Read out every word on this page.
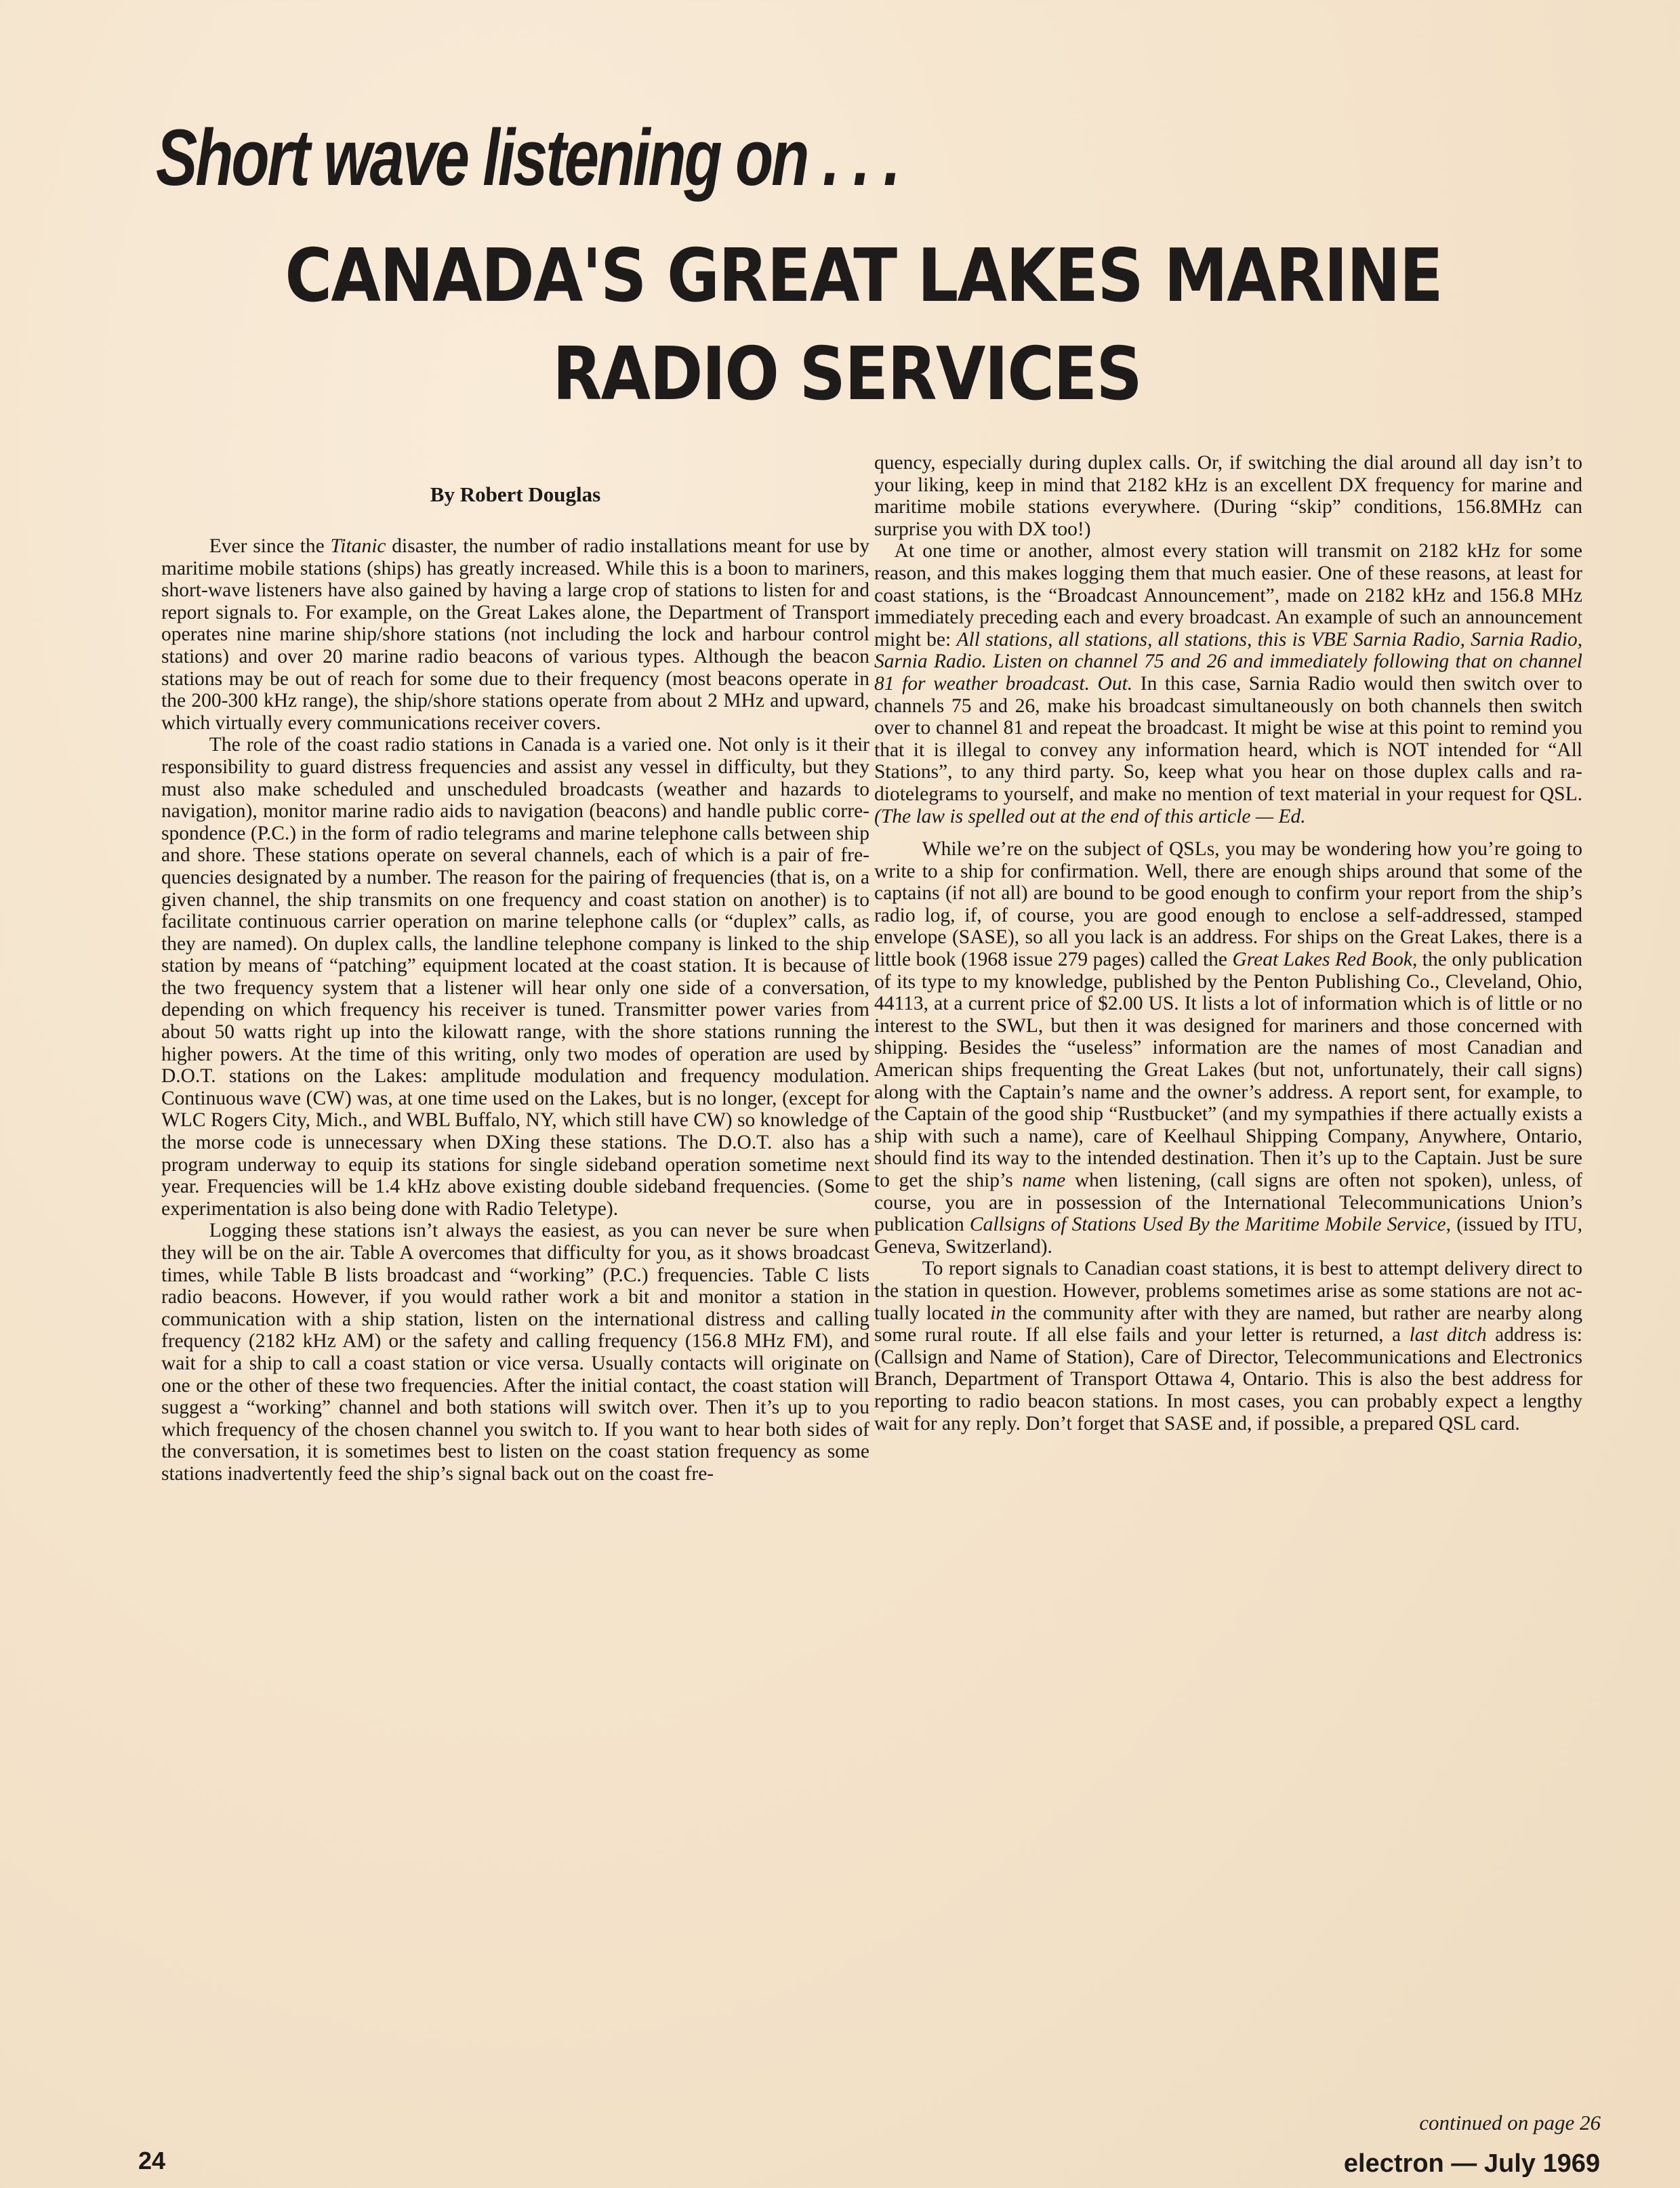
Short wave listening on . . .
CANADA'S GREAT LAKES MARINE
RADIO SERVICES
By Robert Douglas

Ever since the Titanic disaster, the number of radio installations meant for use by maritime mobile stations (ships) has greatly increased. While this is a boon to mariners, short-wave listeners have also gained by having a large crop of stations to listen for and report signals to. For example, on the Great Lakes alone, the Department of Transport operates nine marine ship/shore stations (not including the lock and harbour control stations) and over 20 marine radio beacons of various types. Although the beacon stations may be out of reach for some due to their frequency (most beacons operate in the 200-300 kHz range), the ship/shore stations operate from about 2 MHz and upward, which virtually every communications receiver covers.

The role of the coast radio stations in Canada is a varied one. Not only is it their responsibility to guard distress frequencies and assist any vessel in difficulty, but they must also make scheduled and unscheduled broadcasts (weather and hazards to navigation), monitor marine radio aids to navigation (beacons) and handle public correspondence (P.C.) in the form of radio telegrams and marine telephone calls between ship and shore. These stations operate on several channels, each of which is a pair of frequencies designated by a number. The reason for the pairing of frequencies (that is, on a given channel, the ship transmits on one frequency and coast station on another) is to facilitate continuous carrier operation on marine telephone calls (or “duplex” calls, as they are named). On duplex calls, the landline telephone company is linked to the ship station by means of “patching” equipment located at the coast station. It is because of the two frequency system that a listener will hear only one side of a conversation, depending on which frequency his receiver is tuned. Transmitter power varies from about 50 watts right up into the kilowatt range, with the shore stations running the higher powers. At the time of this writing, only two modes of operation are used by D.O.T. stations on the Lakes: amplitude modulation and frequency modulation. Continuous wave (CW) was, at one time used on the Lakes, but is no longer, (except for WLC Rogers City, Mich., and WBL Buffalo, NY, which still have CW) so knowledge of the morse code is unnecessary when DXing these stations. The D.O.T. also has a program underway to equip its stations for single sideband operation sometime next year. Frequencies will be 1.4 kHz above existing double sideband frequencies. (Some experimentation is also being done with Radio Teletype).

Logging these stations isn’t always the easiest, as you can never be sure when they will be on the air. Table A overcomes that difficulty for you, as it shows broadcast times, while Table B lists broadcast and “working” (P.C.) frequencies. Table C lists radio beacons. However, if you would rather work a bit and monitor a station in communication with a ship station, listen on the international distress and calling frequency (2182 kHz AM) or the safety and calling frequency (156.8 MHz FM), and wait for a ship to call a coast station or vice versa. Usually contacts will originate on one or the other of these two frequencies. After the initial contact, the coast station will suggest a “working” channel and both stations will switch over. Then it’s up to you which frequency of the chosen channel you switch to. If you want to hear both sides of the conversation, it is sometimes best to listen on the coast station frequency as some stations inadvertently feed the ship’s signal back out on the coast fre-

quency, especially during duplex calls. Or, if switching the dial around all day isn’t to your liking, keep in mind that 2182 kHz is an excellent DX frequency for marine and maritime mobile stations everywhere. (During “skip” conditions, 156.8MHz can surprise you with DX too!)

At one time or another, almost every station will transmit on 2182 kHz for some reason, and this makes logging them that much easier. One of these reasons, at least for coast stations, is the “Broadcast Announcement”, made on 2182 kHz and 156.8 MHz immediately preceding each and every broadcast. An example of such an announcement might be: All stations, all stations, all stations, this is VBE Sarnia Radio, Sarnia Radio, Sarnia Radio. Listen on channel 75 and 26 and immediately following that on channel 81 for weather broadcast. Out. In this case, Sarnia Radio would then switch over to channels 75 and 26, make his broadcast simultaneously on both channels then switch over to channel 81 and repeat the broadcast. It might be wise at this point to remind you that it is illegal to convey any information heard, which is NOT intended for “All Stations”, to any third party. So, keep what you hear on those duplex calls and radiotelegrams to yourself, and make no mention of text material in your request for QSL. (The law is spelled out at the end of this article — Ed.

While we’re on the subject of QSLs, you may be wondering how you’re going to write to a ship for confirmation. Well, there are enough ships around that some of the captains (if not all) are bound to be good enough to confirm your report from the ship’s radio log, if, of course, you are good enough to enclose a self-addressed, stamped envelope (SASE), so all you lack is an address. For ships on the Great Lakes, there is a little book (1968 issue 279 pages) called the Great Lakes Red Book, the only publication of its type to my knowledge, published by the Penton Publishing Co., Cleveland, Ohio, 44113, at a current price of $2.00 US. It lists a lot of information which is of little or no interest to the SWL, but then it was designed for mariners and those concerned with shipping. Besides the “useless” information are the names of most Canadian and American ships frequenting the Great Lakes (but not, unfortunately, their call signs) along with the Captain’s name and the owner’s address. A report sent, for example, to the Captain of the good ship “Rustbucket” (and my sympathies if there actually exists a ship with such a name), care of Keelhaul Shipping Company, Anywhere, Ontario, should find its way to the intended destination. Then it’s up to the Captain. Just be sure to get the ship’s name when listening, (call signs are often not spoken), unless, of course, you are in possession of the International Telecommunications Union’s publication Callsigns of Stations Used By the Maritime Mobile Service, (issued by ITU, Geneva, Switzerland).

To report signals to Canadian coast stations, it is best to attempt delivery direct to the station in question. However, problems sometimes arise as some stations are not actually located in the community after with they are named, but rather are nearby along some rural route. If all else fails and your letter is returned, a last ditch address is: (Callsign and Name of Station), Care of Director, Telecommunications and Electronics Branch, Department of Transport Ottawa 4, Ontario. This is also the best address for reporting to radio beacon stations. In most cases, you can probably expect a lengthy wait for any reply. Don’t forget that SASE and, if possible, a prepared QSL card.

continued on page 26
24	electron — July 1969
